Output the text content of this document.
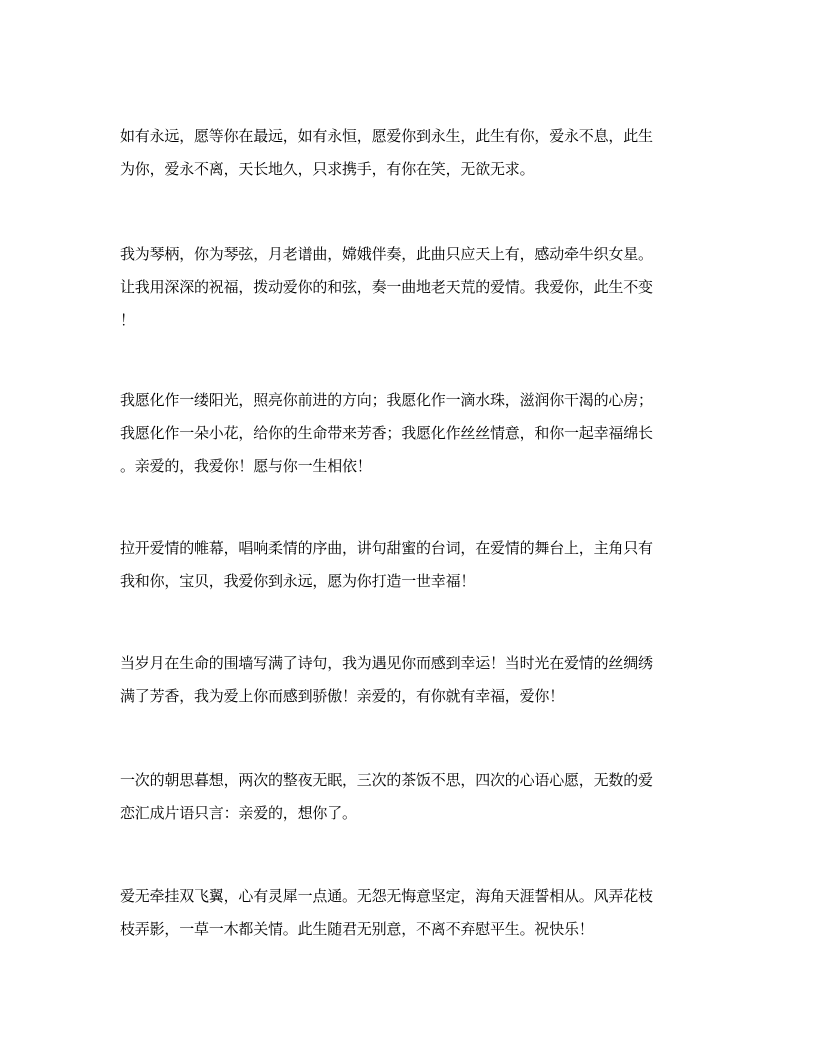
如有永远，愿等你在最远，如有永恒，愿爱你到永生，此生有你，爱永不息，此生
为你，爱永不离，天长地久，只求携手，有你在笑，无欲无求。
我为琴柄，你为琴弦，月老谱曲，嫦娥伴奏，此曲只应天上有，感动牵牛织女星。
让我用深深的祝福，拨动爱你的和弦，奏一曲地老天荒的爱情。我爱你，此生不变
！
我愿化作一缕阳光，照亮你前进的方向；我愿化作一滴水珠，滋润你干渴的心房；
我愿化作一朵小花，给你的生命带来芳香；我愿化作丝丝情意，和你一起幸福绵长
。亲爱的，我爱你！愿与你一生相依！
拉开爱情的帷幕，唱响柔情的序曲，讲句甜蜜的台词，在爱情的舞台上，主角只有
我和你，宝贝，我爱你到永远，愿为你打造一世幸福！
当岁月在生命的围墙写满了诗句，我为遇见你而感到幸运！当时光在爱情的丝绸绣
满了芳香，我为爱上你而感到骄傲！亲爱的，有你就有幸福，爱你！
一次的朝思暮想，两次的整夜无眠，三次的茶饭不思，四次的心语心愿，无数的爱
恋汇成片语只言：亲爱的，想你了。
爱无牵挂双飞翼，心有灵犀一点通。无怨无悔意坚定，海角天涯誓相从。风弄花枝
枝弄影，一草一木都关情。此生随君无别意，不离不弃慰平生。祝快乐！
